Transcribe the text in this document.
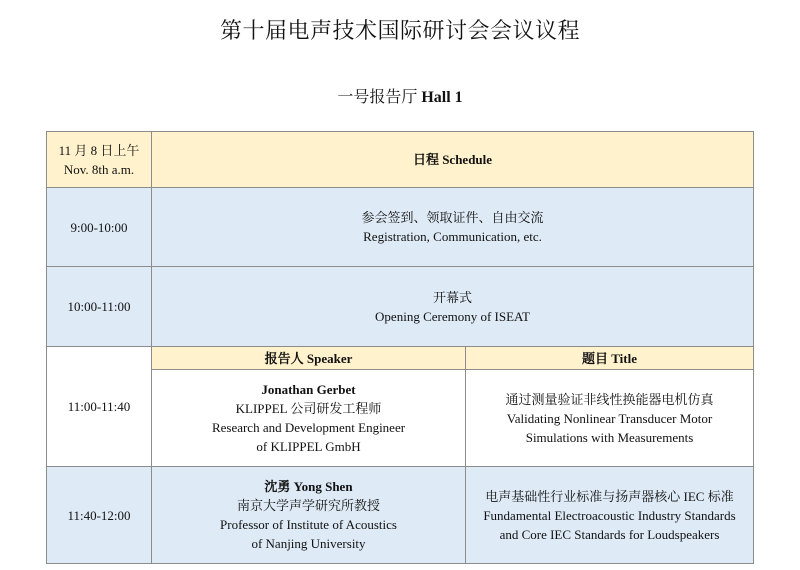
第十届电声技术国际研讨会会议议程
一号报告厅 Hall 1
11 月 8 日上午
Nov. 8th a.m.	日程 Schedule	
9:00-10:00	参会签到、领取证件、自由交流
Registration, Communication, etc.	

10:00-11:00	开幕式
Opening Ceremony of ISEAT	

11:00-11:40	报告人 Speaker	题目 Title

	Jonathan Gerbet
KLIPPEL 公司研发工程师
Research and Development Engineer
of KLIPPEL GmbH	通过测量验证非线性换能器电机仿真
Validating Nonlinear Transducer Motor
Simulations with Measurements

11:40-12:00	沈勇 Yong Shen
南京大学声学研究所教授
Professor of Institute of Acoustics
of Nanjing University	电声基础性行业标准与扬声器核心 IEC 标准
Fundamental Electroacoustic Industry Standards
and Core IEC Standards for Loudspeakers
